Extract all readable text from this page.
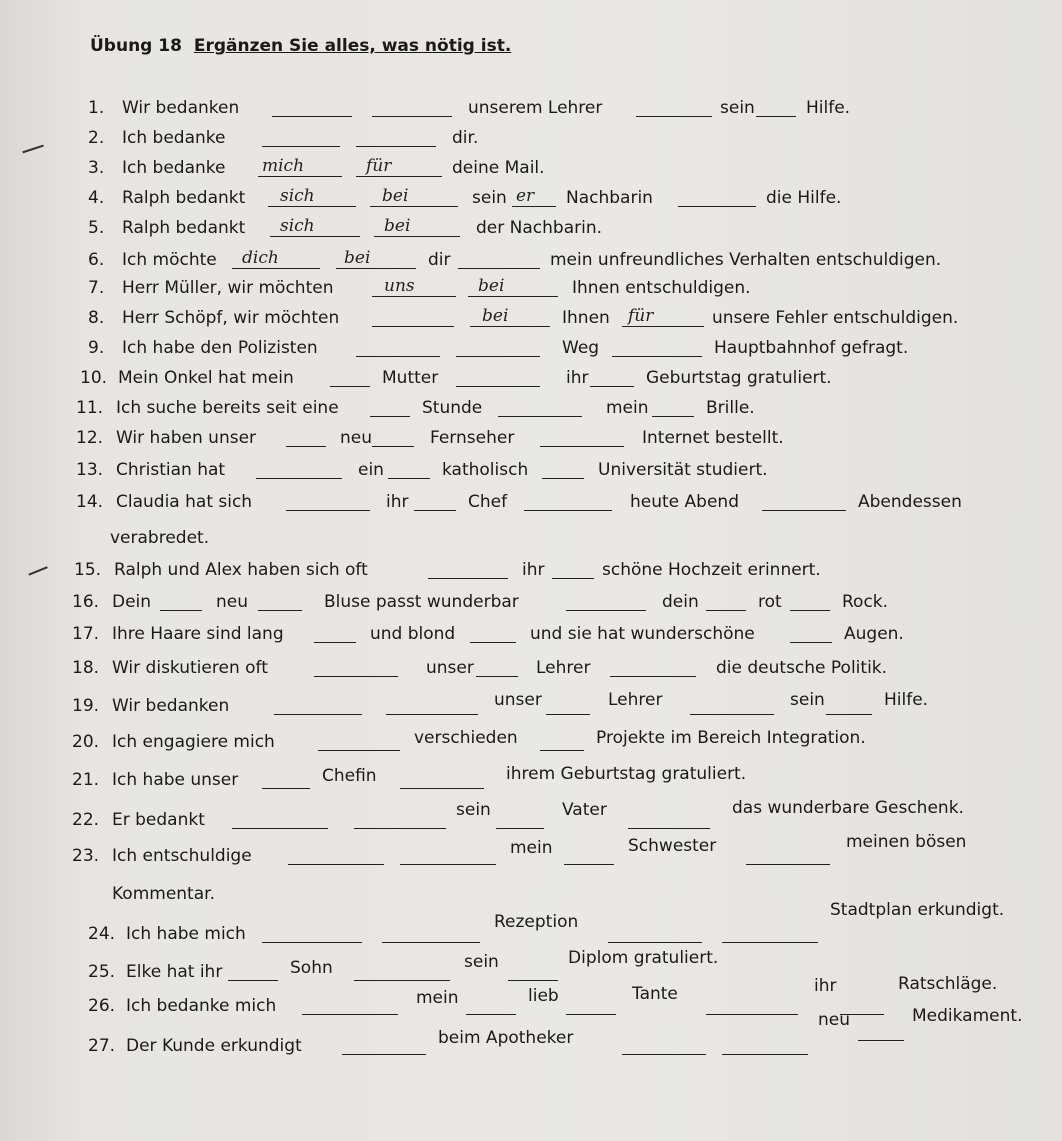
Übung 18 Ergänzen Sie alles, was nötig ist.
1. Wir bedanken	unserem Lehrer	sein	Hilfe.
2. Ich bedanke	dir.
3. Ich bedanke mich	für	deine Mail.
4. Ralph bedankt sich	bei	sein er Nachbarin	die Hilfe.
5. Ralph bedankt sich	bei	der Nachbarin.
6. Ich möchte dich	bei	dir	mein unfreundliches Verhalten entschuldigen.
7. Herr Müller, wir möchten	uns	bei	Ihnen entschuldigen.
8. Herr Schöpf, wir möchten	bei	Ihnen für	unsere Fehler entschuldigen.
9. Ich habe den Polizisten	Weg	Hauptbahnhof gefragt.
10. Mein Onkel hat mein	Mutter	ihr	Geburtstag gratuliert.
11. Ich suche bereits seit eine	Stunde	mein	Brille.
12. Wir haben unser	neu	Fernseher	Internet bestellt.
13. Christian hat	ein	katholisch	Universität studiert.
14. Claudia hat sich	ihr	Chef	heute Abend	Abendessen
verabredet.
15. Ralph und Alex haben sich oft	ihr	schöne Hochzeit erinnert.
16. Dein	neu	Bluse passt wunderbar	dein	rot	Rock.
17. Ihre Haare sind lang	und blond	und sie hat wunderschöne	Augen.
18. Wir diskutieren oft	unser	Lehrer	die deutsche Politik.
19. Wir bedanken	unser	Lehrer	sein	Hilfe.
20. Ich engagiere mich	verschieden	Projekte im Bereich Integration.
21. Ich habe unser	Chefin	ihrem Geburtstag gratuliert.
22. Er bedankt	sein	Vater	das wunderbare Geschenk.
23. Ich entschuldige	mein	Schwester	meinen bösen
Kommentar.
24. Ich habe mich
Rezeption
Stadtplan erkundigt.
25. Elke hat ihr	Sohn	sein	Diplom gratuliert.
26. Ich bedanke mich	mein	lieb	Tante	ihr	Ratschläge.
27. Der Kunde erkundigt	beim Apotheker
neu	Medikament.
